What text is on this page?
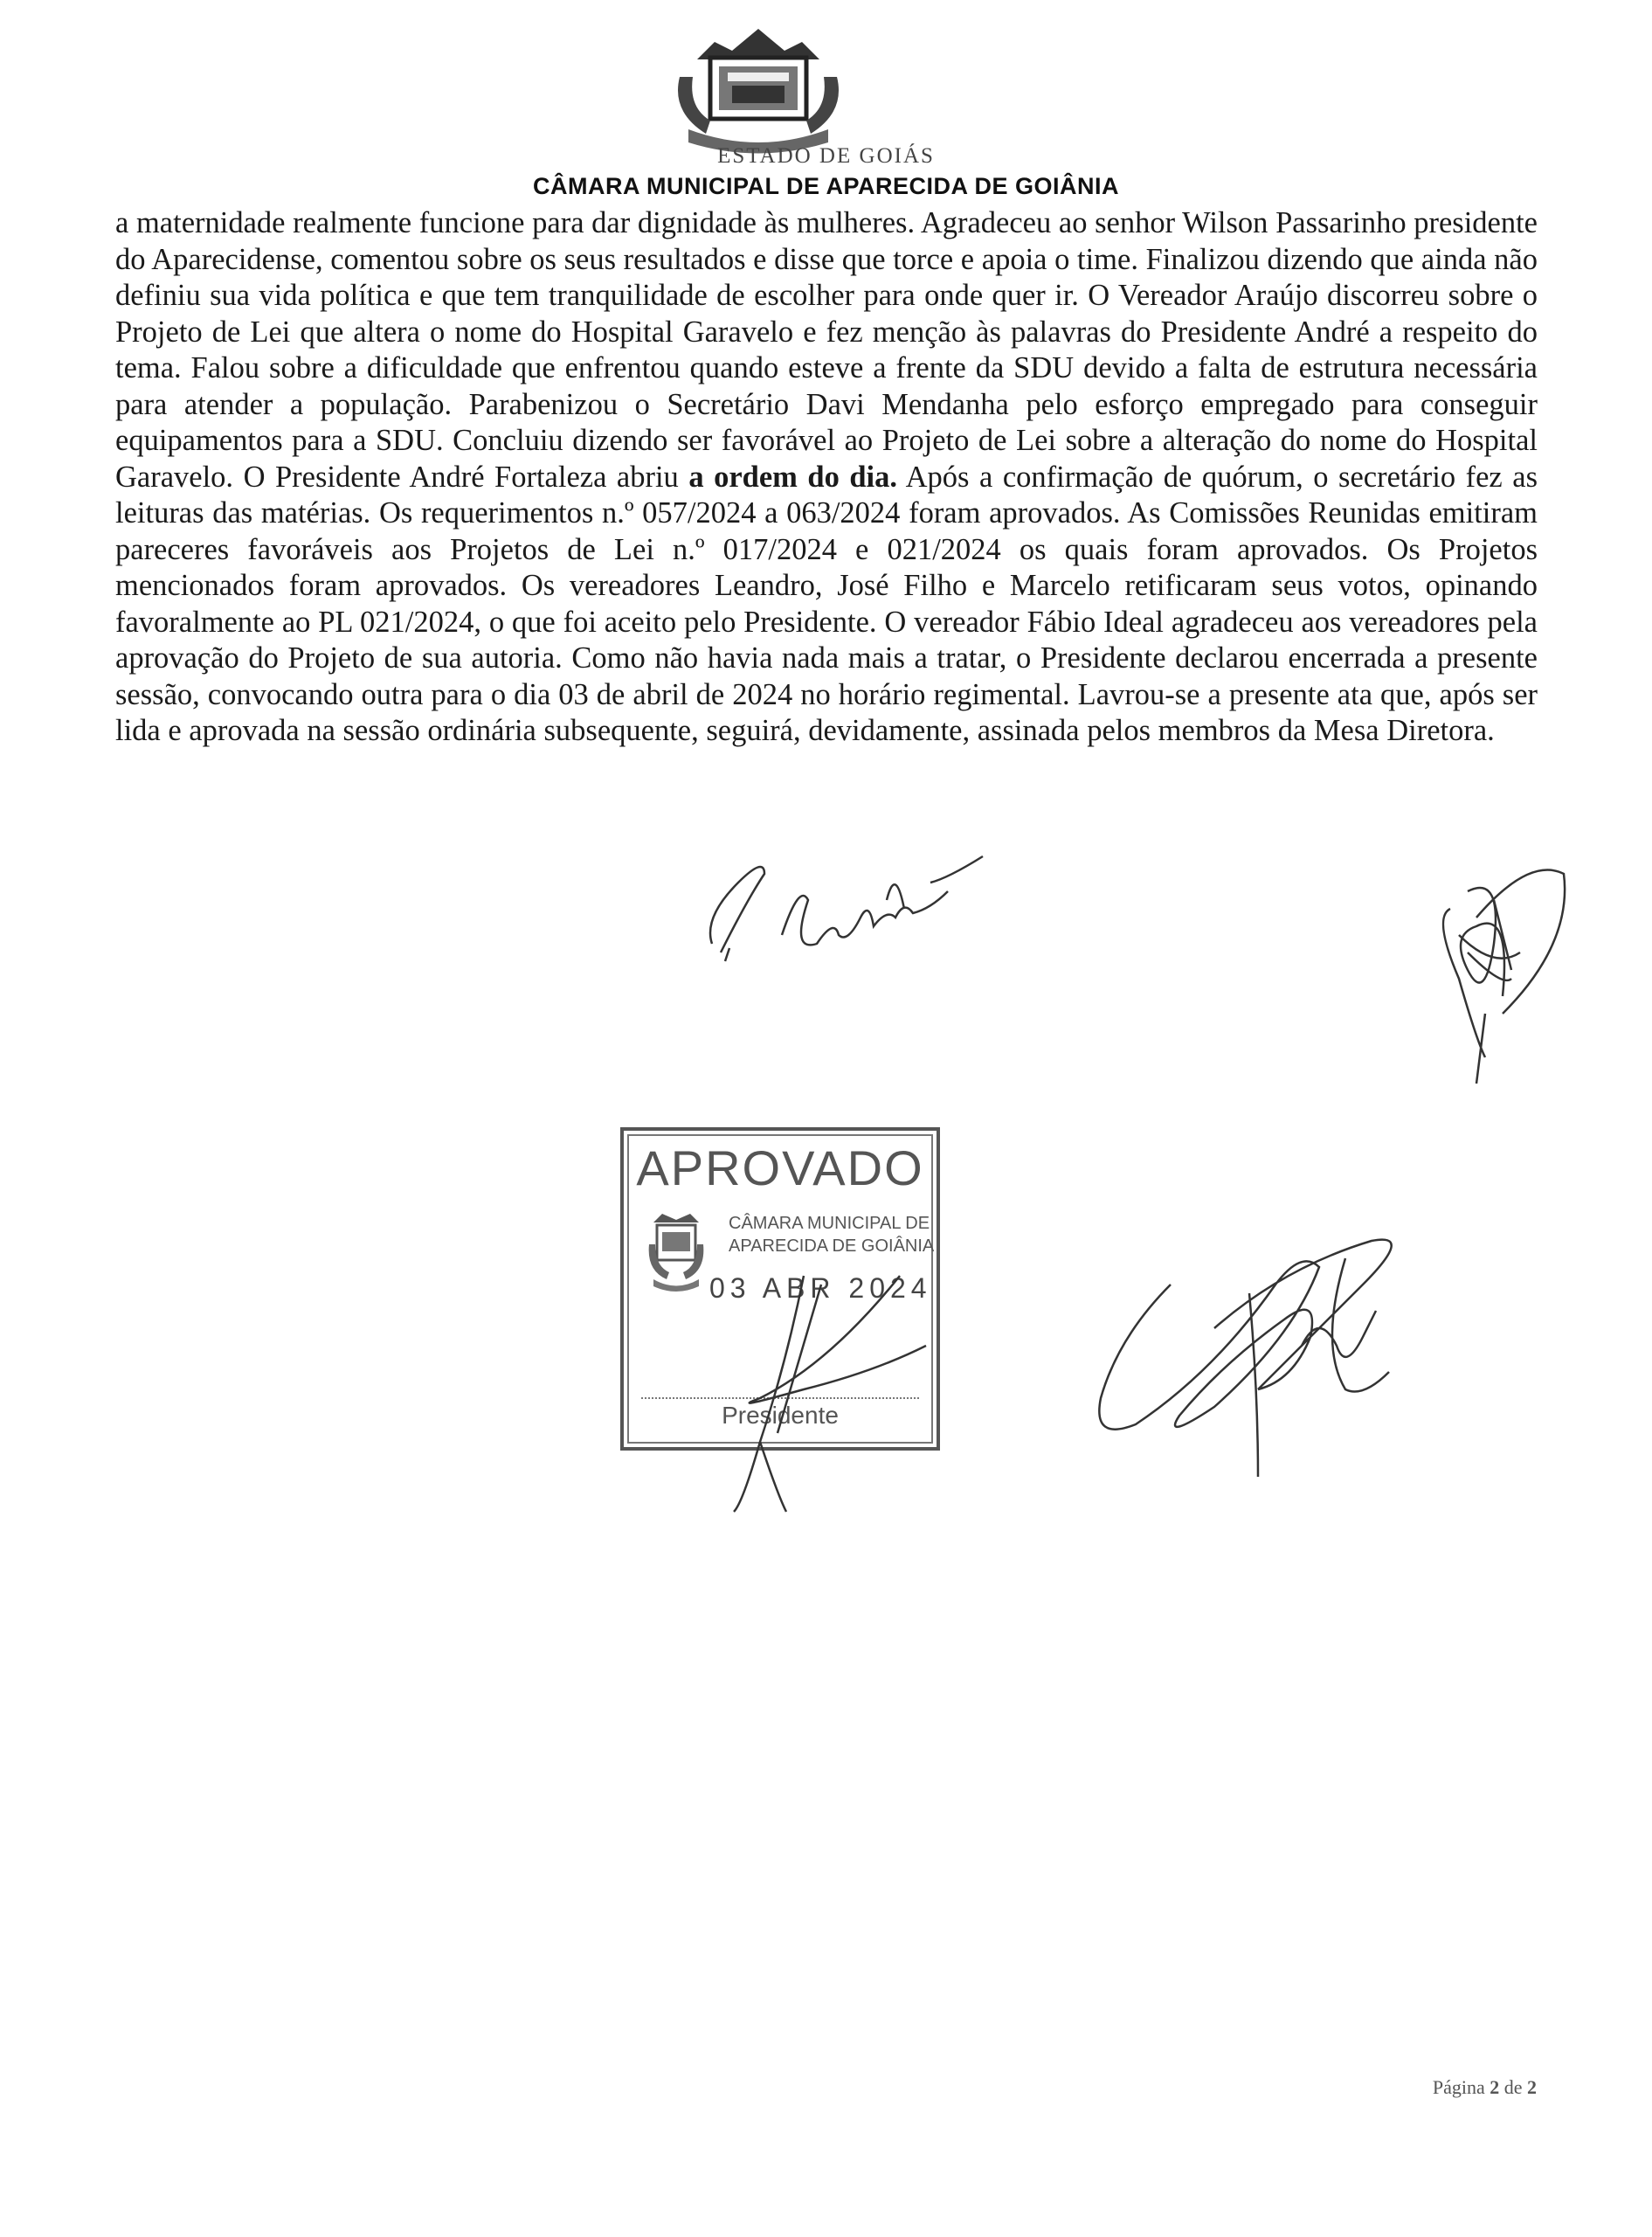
ESTADO DE GOIÁS
CÂMARA MUNICIPAL DE APARECIDA DE GOIÂNIA

a maternidade realmente funcione para dar dignidade às mulheres. Agradeceu ao senhor Wilson Passarinho presidente do Aparecidense, comentou sobre os seus resultados e disse que torce e apoia o time. Finalizou dizendo que ainda não definiu sua vida política e que tem tranquilidade de escolher para onde quer ir. O Vereador Araújo discorreu sobre o Projeto de Lei que altera o nome do Hospital Garavelo e fez menção às palavras do Presidente André a respeito do tema. Falou sobre a dificuldade que enfrentou quando esteve a frente da SDU devido a falta de estrutura necessária para atender a população. Parabenizou o Secretário Davi Mendanha pelo esforço empregado para conseguir equipamentos para a SDU. Concluiu dizendo ser favorável ao Projeto de Lei sobre a alteração do nome do Hospital Garavelo. O Presidente André Fortaleza abriu a ordem do dia. Após a confirmação de quórum, o secretário fez as leituras das matérias. Os requerimentos n.º 057/2024 a 063/2024 foram aprovados. As Comissões Reunidas emitiram pareceres favoráveis aos Projetos de Lei n.º 017/2024 e 021/2024 os quais foram aprovados. Os Projetos mencionados foram aprovados. Os vereadores Leandro, José Filho e Marcelo retificaram seus votos, opinando favoralmente ao PL 021/2024, o que foi aceito pelo Presidente. O vereador Fábio Ideal agradeceu aos vereadores pela aprovação do Projeto de sua autoria. Como não havia nada mais a tratar, o Presidente declarou encerrada a presente sessão, convocando outra para o dia 03 de abril de 2024 no horário regimental. Lavrou-se a presente ata que, após ser lida e aprovada na sessão ordinária subsequente, seguirá, devidamente, assinada pelos membros da Mesa Diretora.

APROVADO
CÂMARA MUNICIPAL DE
APARECIDA DE GOIÂNIA
03 ABR 2024
Presidente
Página 2 de 2
